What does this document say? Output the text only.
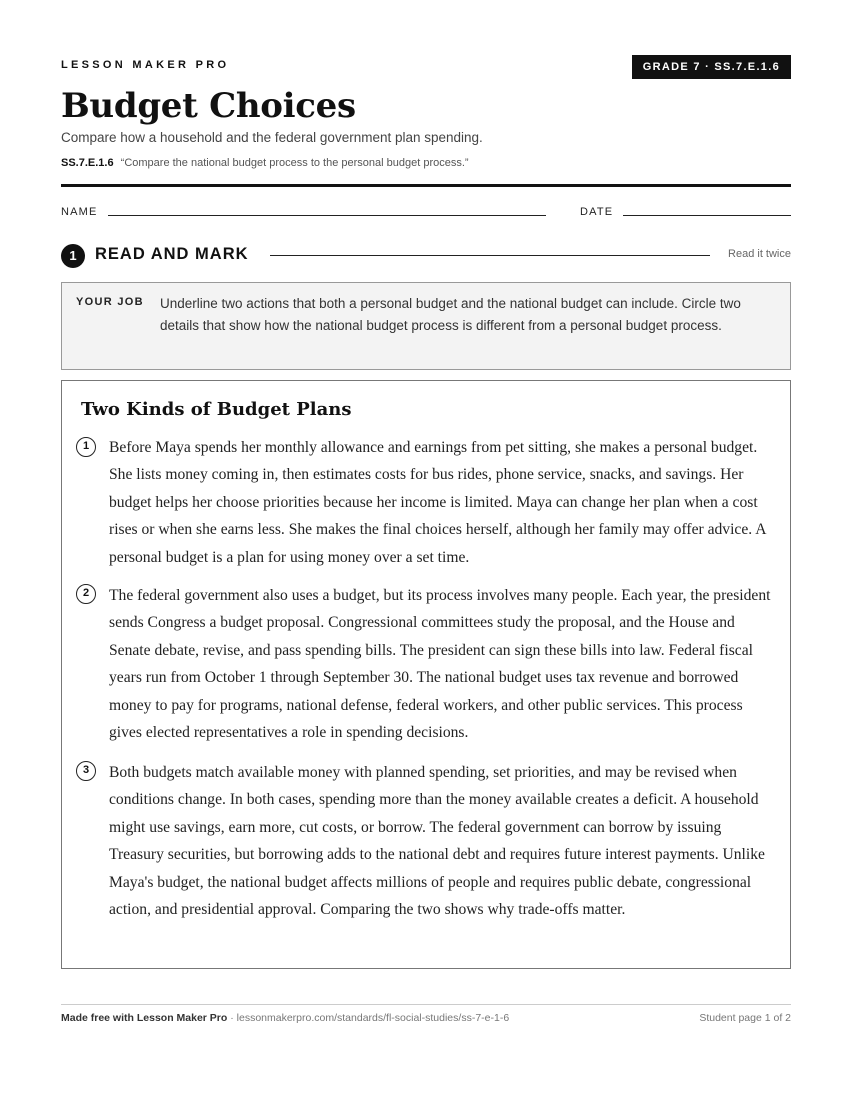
LESSON MAKER PRO	GRADE 7 · SS.7.E.1.6
Budget Choices
Compare how a household and the federal government plan spending.
SS.7.E.1.6 “Compare the national budget process to the personal budget process.”
NAME	DATE
1	READ AND MARK	Read it twice
YOUR JOB Underline two actions that both a personal budget and the national budget can include. Circle two details that show how the national budget process is different from a personal budget process.
Two Kinds of Budget Plans
1	Before Maya spends her monthly allowance and earnings from pet sitting, she makes a personal budget. She lists money coming in, then estimates costs for bus rides, phone service, snacks, and savings. Her budget helps her choose priorities because her income is limited. Maya can change her plan when a cost rises or when she earns less. She makes the final choices herself, although her family may offer advice. A personal budget is a plan for using money over a set time.
2	The federal government also uses a budget, but its process involves many people. Each year, the president sends Congress a budget proposal. Congressional committees study the proposal, and the House and Senate debate, revise, and pass spending bills. The president can sign these bills into law. Federal fiscal years run from October 1 through September 30. The national budget uses tax revenue and borrowed money to pay for programs, national defense, federal workers, and other public services. This process gives elected representatives a role in spending decisions.
3	Both budgets match available money with planned spending, set priorities, and may be revised when conditions change. In both cases, spending more than the money available creates a deficit. A household might use savings, earn more, cut costs, or borrow. The federal government can borrow by issuing Treasury securities, but borrowing adds to the national debt and requires future interest payments. Unlike Maya's budget, the national budget affects millions of people and requires public debate, congressional action, and presidential approval. Comparing the two shows why trade-offs matter.
Made free with Lesson Maker Pro · lessonmakerpro.com/standards/fl-social-studies/ss-7-e-1-6	Student page 1 of 2
